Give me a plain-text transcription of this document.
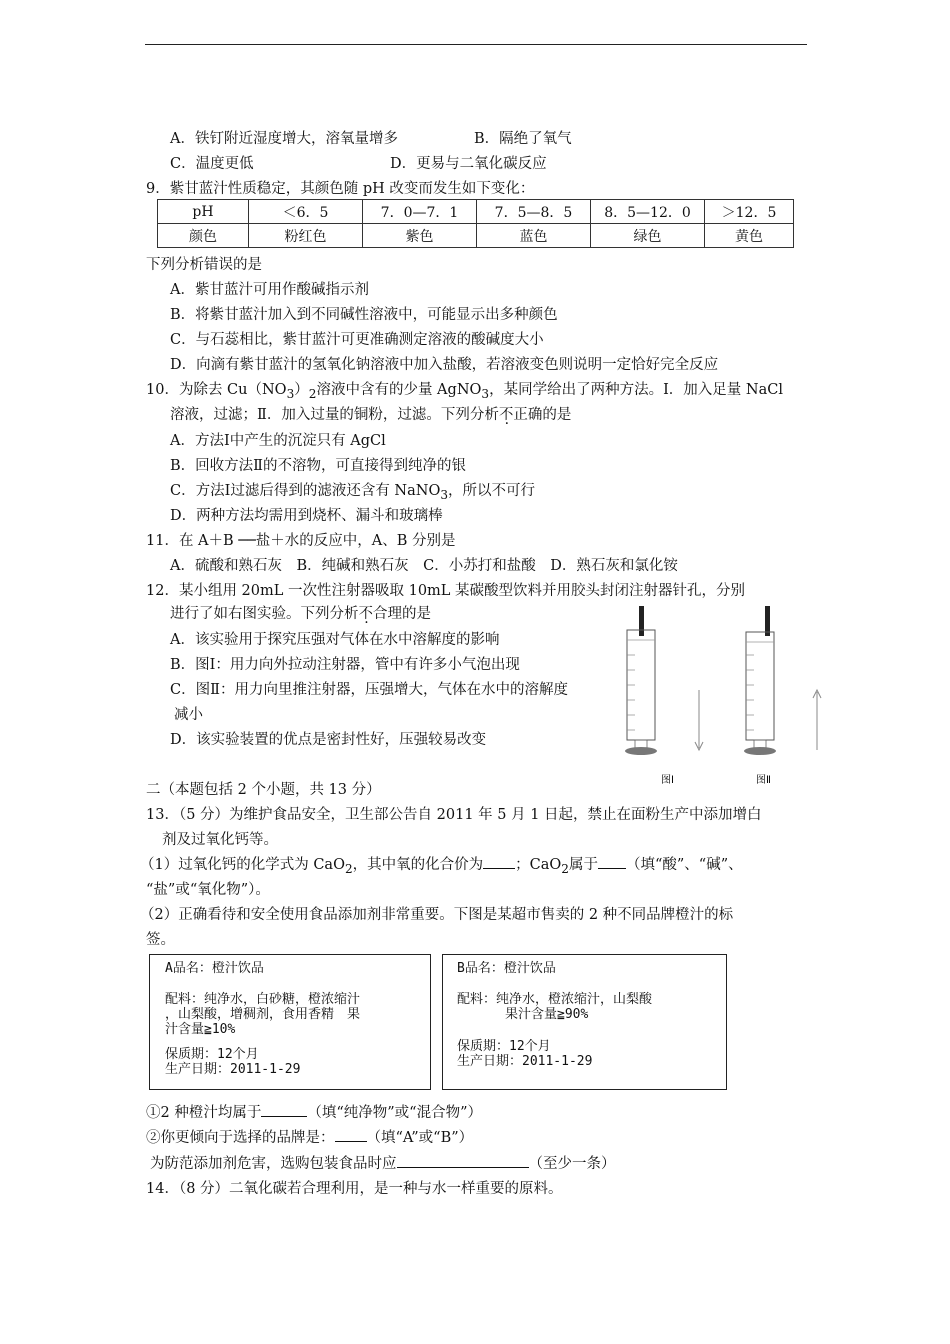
A．铁钉附近湿度增大，溶氧量增多	B．隔绝了氧气
C．温度更低	D．更易与二氧化碳反应
9．紫甘蓝汁性质稳定，其颜色随 pH 改变而发生如下变化：
pH	＜6．5	7．0—7．1	7．5—8．5	8．5—12．0	＞12．5
颜色	粉红色	紫色	蓝色	绿色	黄色
下列分析错误的是
A．紫甘蓝汁可用作酸碱指示剂
B．将紫甘蓝汁加入到不同碱性溶液中，可能显示出多种颜色
C．与石蕊相比，紫甘蓝汁可更准确测定溶液的酸碱度大小
D．向滴有紫甘蓝汁的氢氧化钠溶液中加入盐酸，若溶液变色则说明一定恰好完全反应
10．为除去 $Cu(NO_3)_2$溶液中含有的少量 AgNO$_3$，某同学给出了两种方法。Ⅰ．加入足量 NaCl
溶液，过滤；Ⅱ．加入过量的铜粉，过滤。下列分析不正确的是
A．方法Ⅰ中产生的沉淀只有 AgCl
B．回收方法Ⅱ的不溶物，可直接得到纯净的银
C．方法Ⅰ过滤后得到的滤液还含有 NaNO$_3$，所以不可行
D．两种方法均需用到烧杯、漏斗和玻璃棒
11．在 A＋B ──盐＋水的反应中，A、B 分别是
A．硫酸和熟石灰　B．纯碱和熟石灰　C．小苏打和盐酸　D．熟石灰和氯化铵
12．某小组用 20mL 一次性注射器吸取 10mL 某碳酸型饮料并用胶头封闭注射器针孔，分别
进行了如右图实验。下列分析不合理的是
A．该实验用于探究压强对气体在水中溶解度的影响
B．图Ⅰ：用力向外拉动注射器，管中有许多小气泡出现
C．图Ⅱ：用力向里推注射器，压强增大，气体在水中的溶解度
减小
D．该实验装置的优点是密封性好，压强较易改变
图Ⅰ	图Ⅱ
二（本题包括 2 个小题，共 13 分）
13．（5 分）为维护食品安全，卫生部公告自 2011 年 5 月 1 日起，禁止在面粉生产中添加增白
剂及过氧化钙等。
（1）过氧化钙的化学式为 CaO$_2$，其中氧的化合价为 ；CaO$_2$属于 （填“酸”、“碱”、
“盐”或“氧化物”）。
（2）正确看待和安全使用食品添加剂非常重要。下图是某超市售卖的 2 种不同品牌橙汁的标
签。
A品名：橙汁饮品
配料：纯净水，白砂糖，橙浓缩汁
，山梨酸，增稠剂，食用香精　果
汁含量≧10%
保质期：12个月
生产日期：2011-1-29
B品名：橙汁饮品
配料：纯净水，橙浓缩汁，山梨酸
果汁含量≧90%
保质期：12个月
生产日期：2011-1-29
①2 种橙汁均属于	（填“纯净物”或“混合物”）
②你更倾向于选择的品牌是： （填“A”或“B”）
为防范添加剂危害，选购包装食品时应	（至少一条）
14．（8 分）二氧化碳若合理利用，是一种与水一样重要的原料。
